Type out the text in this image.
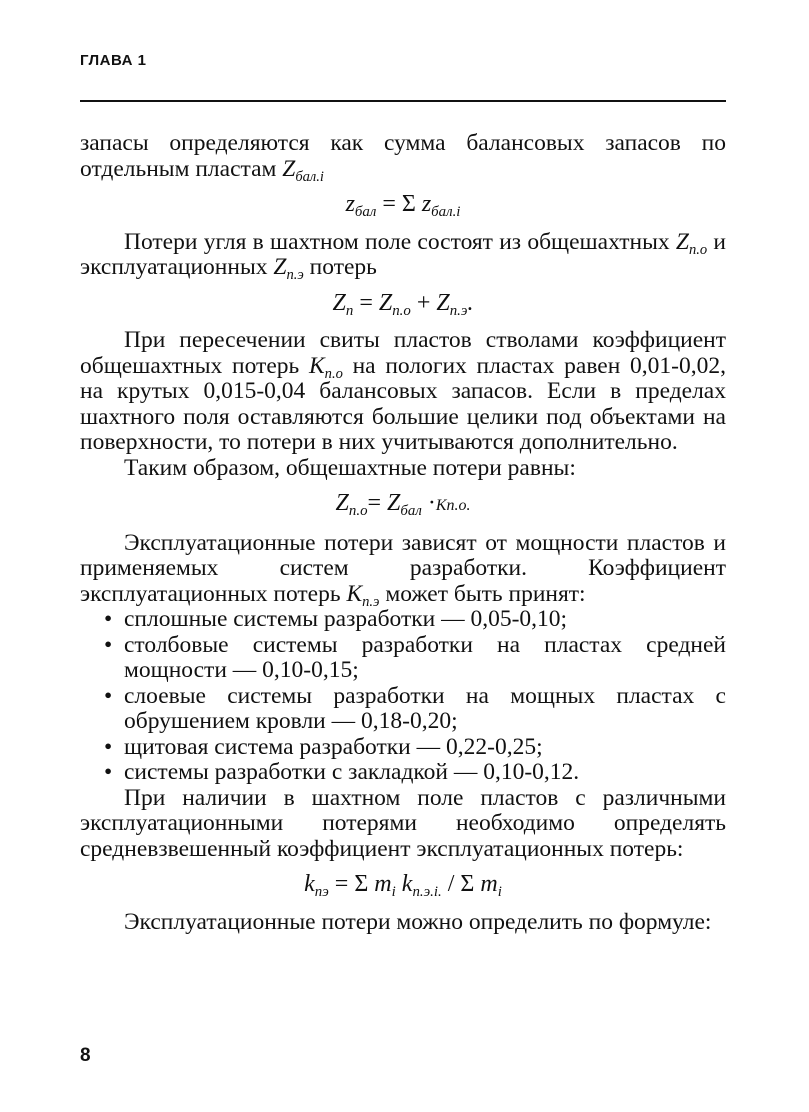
ГЛАВА 1

запасы определяются как сумма балансовых запасов по отдельным пластам $Z_{бал.i}$

$z_{бал} = \Sigma$ $z_{бал.i}$

Потери угля в шахтном поле состоят из общешахтных $Z_{п.о}$ и эксплуатационных $Z_{п.э}$ потерь

$Z_п = Z_{п.о} + Z_{п.э}$.

При пересечении свиты пластов стволами коэффициент общешахтных потерь $K_{п.о}$ на пологих пластах равен 0,01-0,02, на крутых 0,015-0,04 балансовых запасов. Если в пределах шахтного поля оставляются большие целики под объектами на поверхности, то потери в них учитываются дополнительно.

Таким образом, общешахтные потери равны:

$Z_{п.о}= Z_{бал} \cdot Кп.о$.

Эксплуатационные потери зависят от мощности пластов и применяемых систем разработки. Коэффициент эксплуатационных потерь $K_{п.э}$ может быть принят:

• сплошные системы разработки — 0,05-0,10;
• столбовые системы разработки на пластах средней мощности — 0,10-0,15;
• слоевые системы разработки на мощных пластах с обрушением кровли — 0,18-0,20;
• щитовая система разработки — 0,22-0,25;
• системы разработки с закладкой — 0,10-0,12.

При наличии в шахтном поле пластов с различными эксплуатационными потерями необходимо определять средневзвешенный коэффициент эксплуатационных потерь:

$k_{пэ} = \Sigma$ $m_i$ $k_{п.э.i.}$ / Σ $m_i$

Эксплуатационные потери можно определить по формуле:

8
